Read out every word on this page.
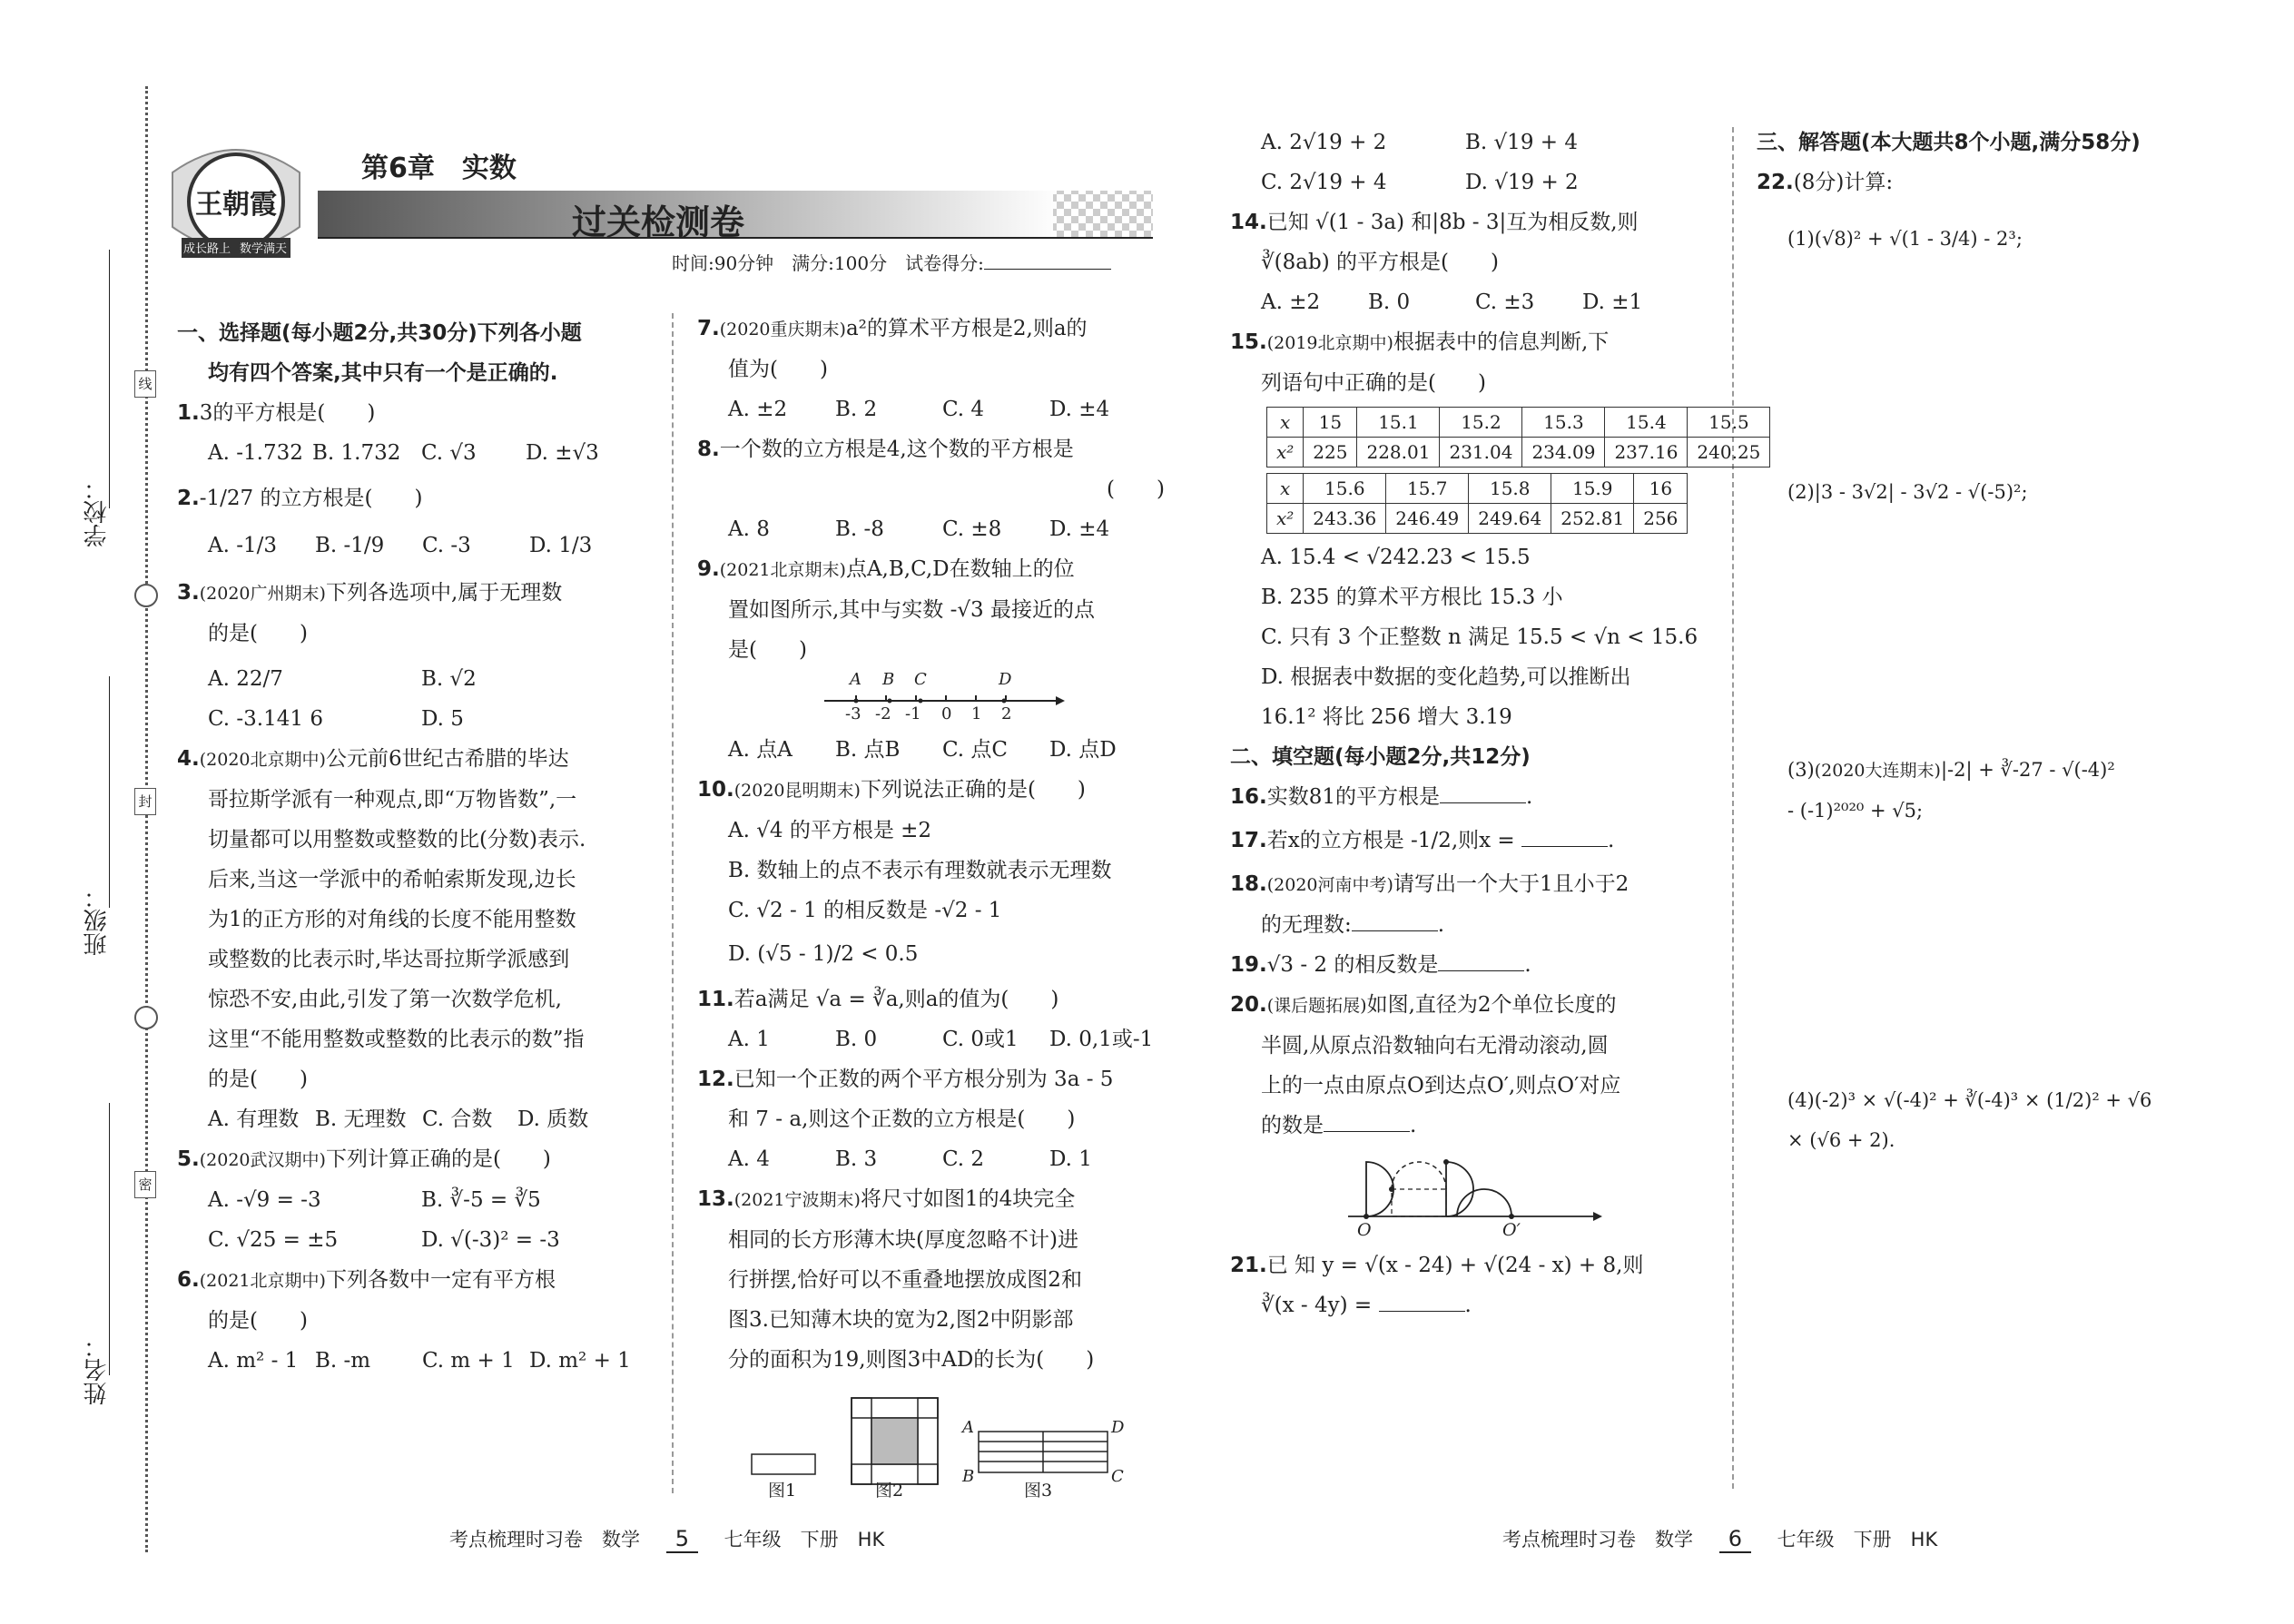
学校：
班级：
姓名：
线
封
密
王朝霞
成长路上 数学满天
第6章　实数
过关检测卷
时间:90分钟　满分:100分　试卷得分:
一、选择题(每小题2分,共30分)下列各小题
均有四个答案,其中只有一个是正确的.
1.3的平方根是(　　)
A. -1.732 B. 1.732 C. √3	D. ±√3
2.-1/27 的立方根是(　　)
A. -1/3	B. -1/9	C. -3	D. 1/3
3.(2020广州期末)下列各选项中,属于无理数
的是(　　)
A. 22/7	B. √2
C. -3.141 6	D. 5
4.(2020北京期中)公元前6世纪古希腊的毕达
哥拉斯学派有一种观点,即“万物皆数”,一
切量都可以用整数或整数的比(分数)表示.
后来,当这一学派中的希帕索斯发现,边长
为1的正方形的对角线的长度不能用整数
或整数的比表示时,毕达哥拉斯学派感到
惊恐不安,由此,引发了第一次数学危机,
这里“不能用整数或整数的比表示的数”指
的是(　　)
A. 有理数 B. 无理数 C. 合数	D. 质数
5.(2020武汉期中)下列计算正确的是(　　)
A. -√9 = -3	B. ∛-5 = ∛5
C. √25 = ±5	D. √(-3)² = -3
6.(2021北京期中)下列各数中一定有平方根
的是(　　)
A. m² - 1 B. -m	C. m + 1 D. m² + 1
7.(2020重庆期末)a²的算术平方根是2,则a的
值为(　　)
A. ±2	B. 2	C. 4	D. ±4
8.一个数的立方根是4,这个数的平方根是
(　　)
A. 8	B. -8	C. ±8	D. ±4
9.(2021北京期末)点A,B,C,D在数轴上的位
置如图所示,其中与实数 -√3 最接近的点
是(　　)
A B C	D
-3 -2 -1 0 1 2
A. 点A	B. 点B	C. 点C	D. 点D
10.(2020昆明期末)下列说法正确的是(　　)
A. √4 的平方根是 ±2
B. 数轴上的点不表示有理数就表示无理数
C. √2 - 1 的相反数是 -√2 - 1
D. (√5 - 1)/2 < 0.5
11.若a满足 √a = ∛a,则a的值为(　　)
A. 1	B. 0	C. 0或1	D. 0,1或-1
12.已知一个正数的两个平方根分别为 3a - 5
和 7 - a,则这个正数的立方根是(　　)
A. 4	B. 3	C. 2	D. 1
13.(2021宁波期末)将尺寸如图1的4块完全
相同的长方形薄木块(厚度忽略不计)进
行拼摆,恰好可以不重叠地摆放成图2和
图3.已知薄木块的宽为2,图2中阴影部
分的面积为19,则图3中AD的长为(　　)
图1	图2	图3
A
B	C
D
A. 2√19 + 2	B. √19 + 4
C. 2√19 + 4	D. √19 + 2
14.已知 √(1 - 3a) 和|8b - 3|互为相反数,则
∛(8ab) 的平方根是(　　)
A. ±2	B. 0	C. ±3	D. ±1
15.(2019北京期中)根据表中的信息判断,下
列语句中正确的是(　　)
x	15	15.1	15.2	15.3	15.4	15.5
x²	225	228.01	231.04	234.09	237.16	240.25
x	15.6	15.7	15.8	15.9	16
x²	243.36	246.49	249.64	252.81	256
A. 15.4 < √242.23 < 15.5
B. 235 的算术平方根比 15.3 小
C. 只有 3 个正整数 n 满足 15.5 < √n < 15.6
D. 根据表中数据的变化趋势,可以推断出
16.1² 将比 256 增大 3.19
二、填空题(每小题2分,共12分)
16.实数81的平方根是	.
17.若x的立方根是 -1/2,则x =	.
18.(2020河南中考)请写出一个大于1且小于2
的无理数:	.
19.√3 - 2 的相反数是	.
20.(课后题拓展)如图,直径为2个单位长度的
半圆,从原点沿数轴向右无滑动滚动,圆
上的一点由原点O到达点O′,则点O′对应
的数是	.
O	O′
21.已 知 y = √(x - 24) + √(24 - x) + 8,则
∛(x - 4y) =	.
三、解答题(本大题共8个小题,满分58分)
22.(8分)计算:
(1)(√8)² + √(1 - 3/4) - 2³;
(2)|3 - 3√2| - 3√2 - √(-5)²;
(3)(2020大连期末)|-2| + ∛-27 - √(-4)²
- (-1)²⁰²⁰ + √5;
(4)(-2)³ × √(-4)² + ∛(-4)³ × (1/2)² + √6
× (√6 + 2).
考点梳理时习卷　数学 5 七年级　下册　HK	考点梳理时习卷　数学 6 七年级　下册　HK
